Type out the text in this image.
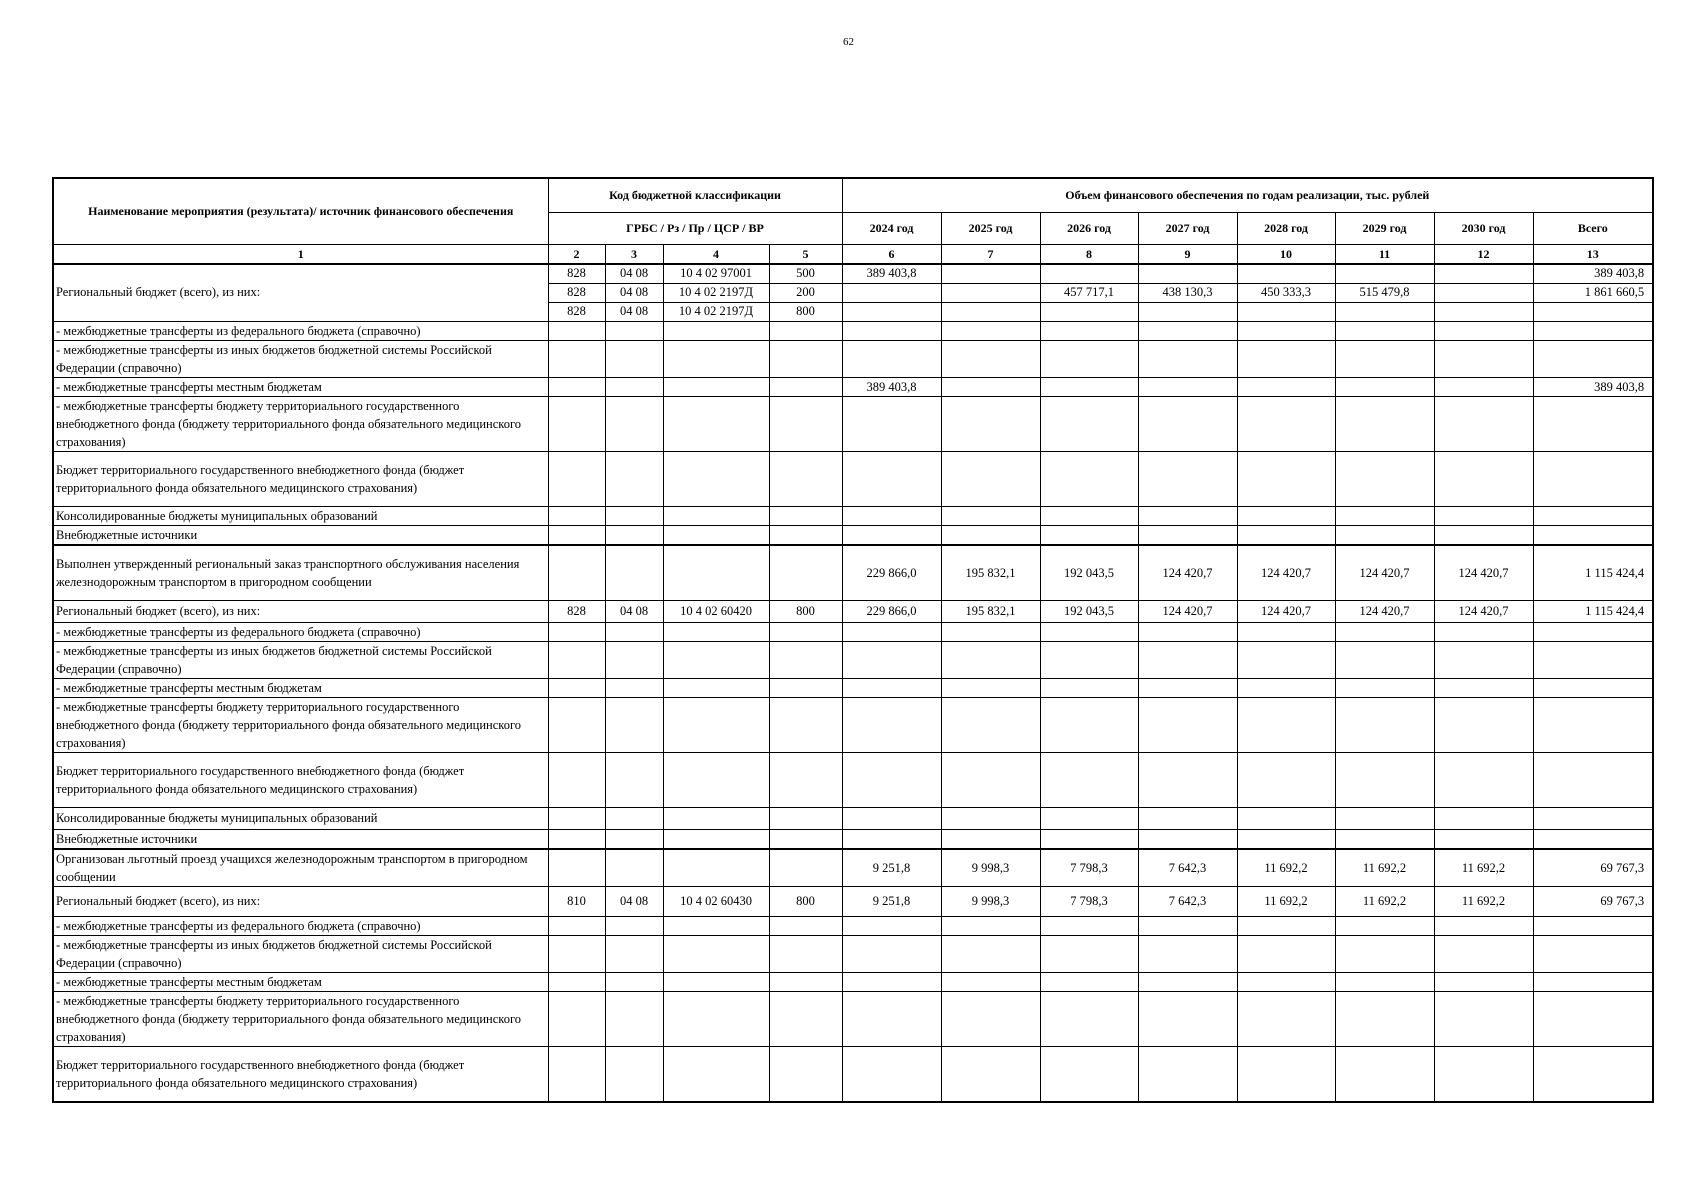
62
Наименование мероприятия (результата)/ источник финансового обеспечения	Код бюджетной классификации				Объем финансового обеспечения по годам реализации, тыс. рублей							
	ГРБС / Рз / Пр / ЦСР / ВР				2024 год	2025 год	2026 год	2027 год	2028 год	2029 год	2030 год	Всего
1	2	3	4	5	6	7	8	9	10	11	12	13
Региональный бюджет (всего), из них:	828	04 08	10 4 02 97001	500	389 403,8							389 403,8
	828	04 08	10 4 02 2197Д	200			457 717,1	438 130,3	450 333,3	515 479,8		1 861 660,5
	828	04 08	10 4 02 2197Д	800								
- межбюджетные трансферты из федерального бюджета (справочно)												
- межбюджетные трансферты из иных бюджетов бюджетной системы Российской Федерации (справочно)												
- межбюджетные трансферты местным бюджетам					389 403,8							389 403,8
- межбюджетные трансферты бюджету территориального государственного внебюджетного фонда (бюджету территориального фонда обязательного медицинского страхования)												
Бюджет территориального государственного внебюджетного фонда (бюджет территориального фонда обязательного медицинского страхования)												
Консолидированные бюджеты муниципальных образований												
Внебюджетные источники												
Выполнен утвержденный региональный заказ транспортного обслуживания населения железнодорожным транспортом в пригородном сообщении					229 866,0	195 832,1	192 043,5	124 420,7	124 420,7	124 420,7	124 420,7	1 115 424,4
Региональный бюджет (всего), из них:	828	04 08	10 4 02 60420	800	229 866,0	195 832,1	192 043,5	124 420,7	124 420,7	124 420,7	124 420,7	1 115 424,4
- межбюджетные трансферты из федерального бюджета (справочно)												
- межбюджетные трансферты из иных бюджетов бюджетной системы Российской Федерации (справочно)												
- межбюджетные трансферты местным бюджетам												
- межбюджетные трансферты бюджету территориального государственного внебюджетного фонда (бюджету территориального фонда обязательного медицинского страхования)												
Бюджет территориального государственного внебюджетного фонда (бюджет территориального фонда обязательного медицинского страхования)												
Консолидированные бюджеты муниципальных образований												
Внебюджетные источники												
Организован льготный проезд учащихся железнодорожным транспортом в пригородном сообщении					9 251,8	9 998,3	7 798,3	7 642,3	11 692,2	11 692,2	11 692,2	69 767,3
Региональный бюджет (всего), из них:	810	04 08	10 4 02 60430	800	9 251,8	9 998,3	7 798,3	7 642,3	11 692,2	11 692,2	11 692,2	69 767,3
- межбюджетные трансферты из федерального бюджета (справочно)												
- межбюджетные трансферты из иных бюджетов бюджетной системы Российской Федерации (справочно)												
- межбюджетные трансферты местным бюджетам												
- межбюджетные трансферты бюджету территориального государственного внебюджетного фонда (бюджету территориального фонда обязательного медицинского страхования)												
Бюджет территориального государственного внебюджетного фонда (бюджет территориального фонда обязательного медицинского страхования)												
